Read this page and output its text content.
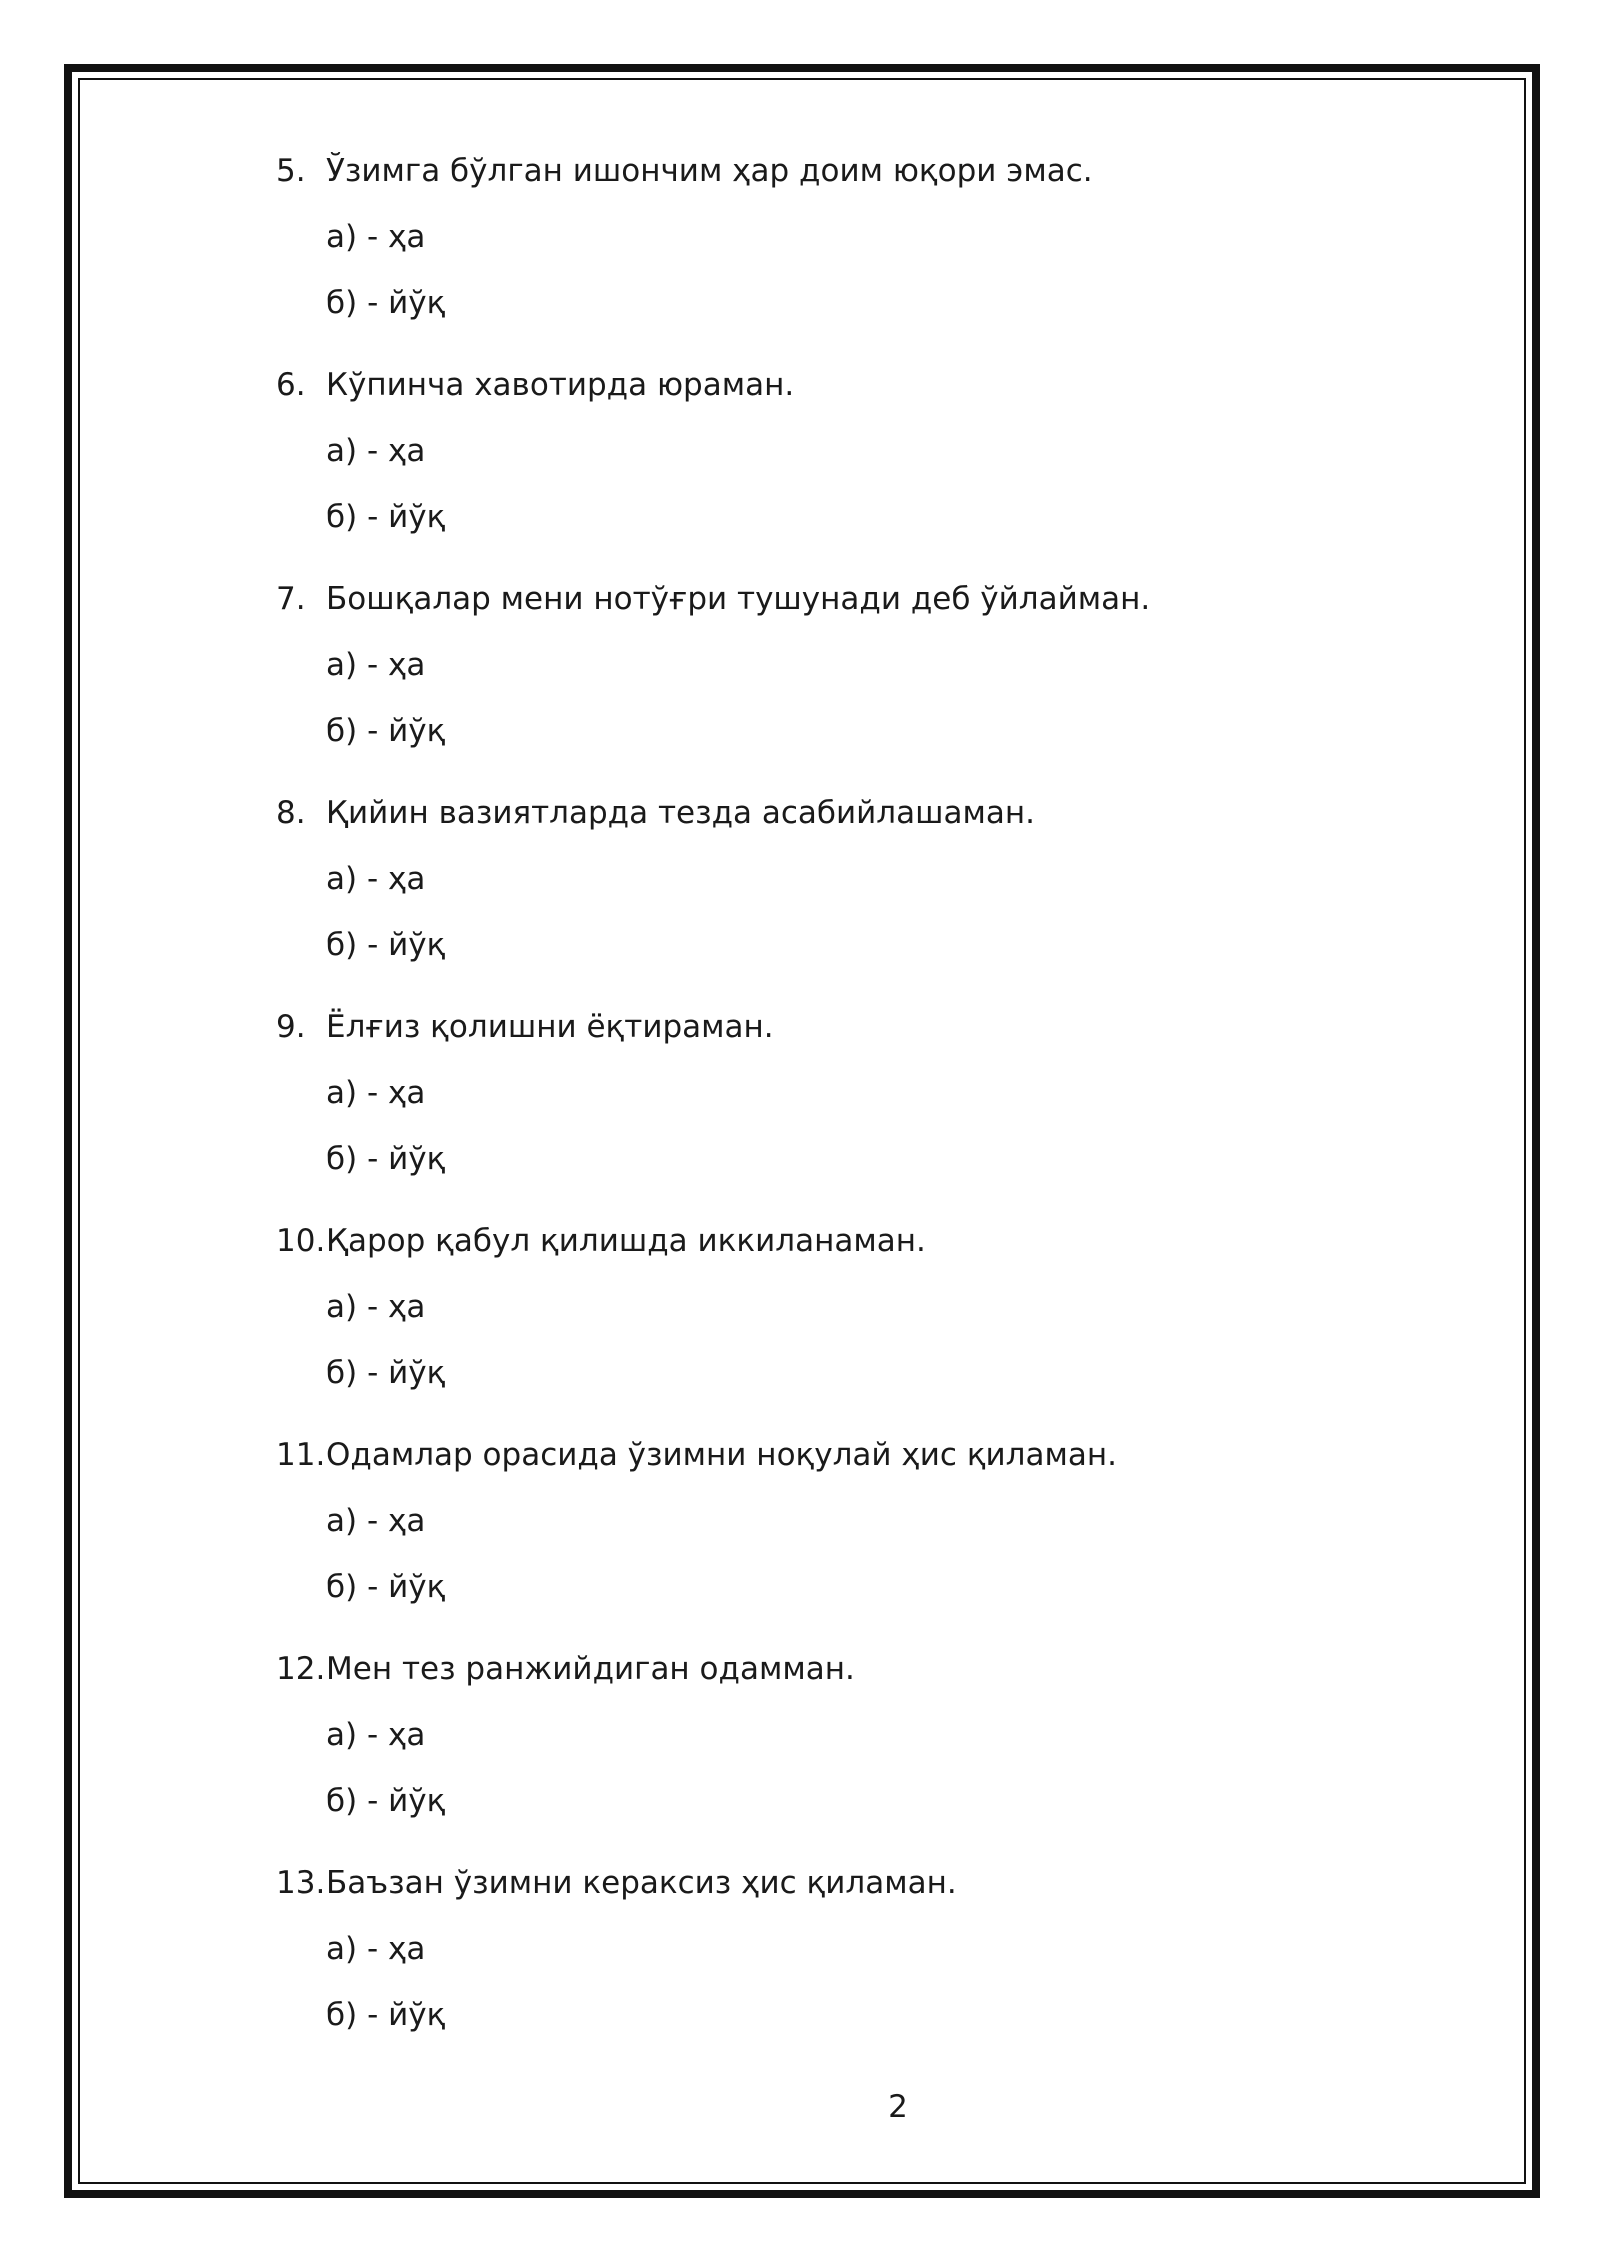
5. Ўзимга бўлган ишончим ҳар доим юқори эмас.
а) - ҳа
б) - йўқ
6. Кўпинча хавотирда юраман.
а) - ҳа
б) - йўқ
7. Бошқалар мени нотўғри тушунади деб ўйлайман.
а) - ҳа
б) - йўқ
8. Қийин вазиятларда тезда асабийлашаман.
а) - ҳа
б) - йўқ
9. Ёлғиз қолишни ёқтираман.
а) - ҳа
б) - йўқ
10.Қарор қабул қилишда иккиланаман.
а) - ҳа
б) - йўқ
11.Одамлар орасида ўзимни ноқулай ҳис қиламан.
а) - ҳа
б) - йўқ
12.Мен тез ранжийдиган одамман.
а) - ҳа
б) - йўқ
13.Баъзан ўзимни кераксиз ҳис қиламан.
а) - ҳа
б) - йўқ
2
